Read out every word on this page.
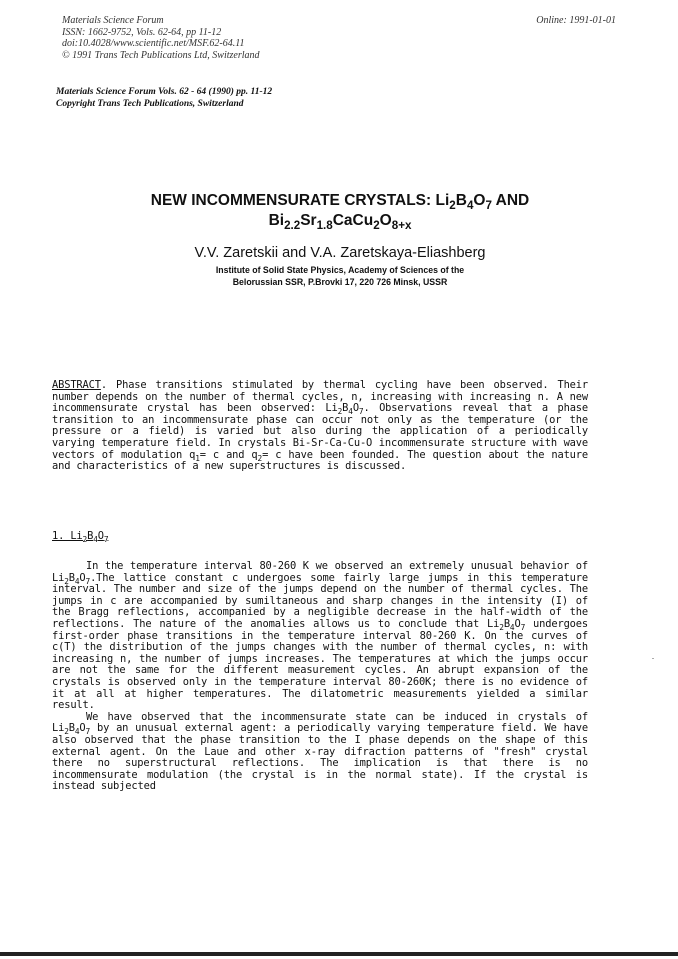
Materials Science Forum
ISSN: 1662-9752, Vols. 62-64, pp 11-12
doi:10.4028/www.scientific.net/MSF.62-64.11
© 1991 Trans Tech Publications Ltd, Switzerland
Online: 1991-01-01
Materials Science Forum Vols. 62 - 64 (1990) pp. 11-12
Copyright Trans Tech Publications, Switzerland
NEW INCOMMENSURATE CRYSTALS: $Li_2B_4O_7$ AND
$Bi_{2.2}Sr_{1.8}CaCu_2O_{8+x}$
V.V. Zaretskii and V.A. Zaretskaya-Eliashberg
Institute of Solid State Physics, Academy of Sciences of the
Belorussian SSR, P.Brovki 17, 220 726 Minsk, USSR
ABSTRACT. Phase transitions stimulated by thermal cycling have been observed. Their number depends on the number of thermal cycles, n, increasing with increasing n. A new incommensurate crystal has been observed: $Li_2B_4O_7$. Observations reveal that a phase transition to an incommensurate phase can occur not only as the temperature (or the pressure or a field) is varied but also during the application of a periodically varying temperature field. In crystals Bi-Sr-Ca-Cu-O incommensurate structure with wave vectors of modulation $q_1= c$ and $q_2= c$ have been founded. The question about the nature and characteristics of a new superstructures is discussed.
1. $Li_2B_4O_7$
In the temperature interval 80-260 K we observed an extremely unusual behavior of $Li_2B_4O_7.The$ lattice constant c undergoes some fairly large jumps in this temperature interval. The number and size of the jumps depend on the number of thermal cycles. The jumps in c are accompanied by sumiltaneous and sharp changes in the intensity (I) of the Bragg reflections, accompanied by a negligible decrease in the half-width of the reflections. The nature of the anomalies allows us to conclude that $Li_2B_4O_7$ undergoes first-order phase transitions in the temperature interval 80-260 K. On the curves of c(T) the distribution of the jumps changes with the number of thermal cycles, n: with increasing n, the number of jumps increases. The temperatures at which the jumps occur are not the same for the different measurement cycles. An abrupt expansion of the crystals is observed only in the temperature interval 80-260K; there is no evidence of it at all at higher temperatures. The dilatometric measurements yielded a similar result.
We have observed that the incommensurate state can be induced in crystals of $Li_2B_4O_7$ by an unusual external agent: a periodically varying temperature field. We have also observed that the phase transition to the I phase depends on the shape of this external agent. On the Laue and other x-ray difraction patterns of "fresh" crystal there no superstructural reflections. The implication is that there is no incommensurate modulation (the crystal is in the normal state). If the crystal is instead subjected
